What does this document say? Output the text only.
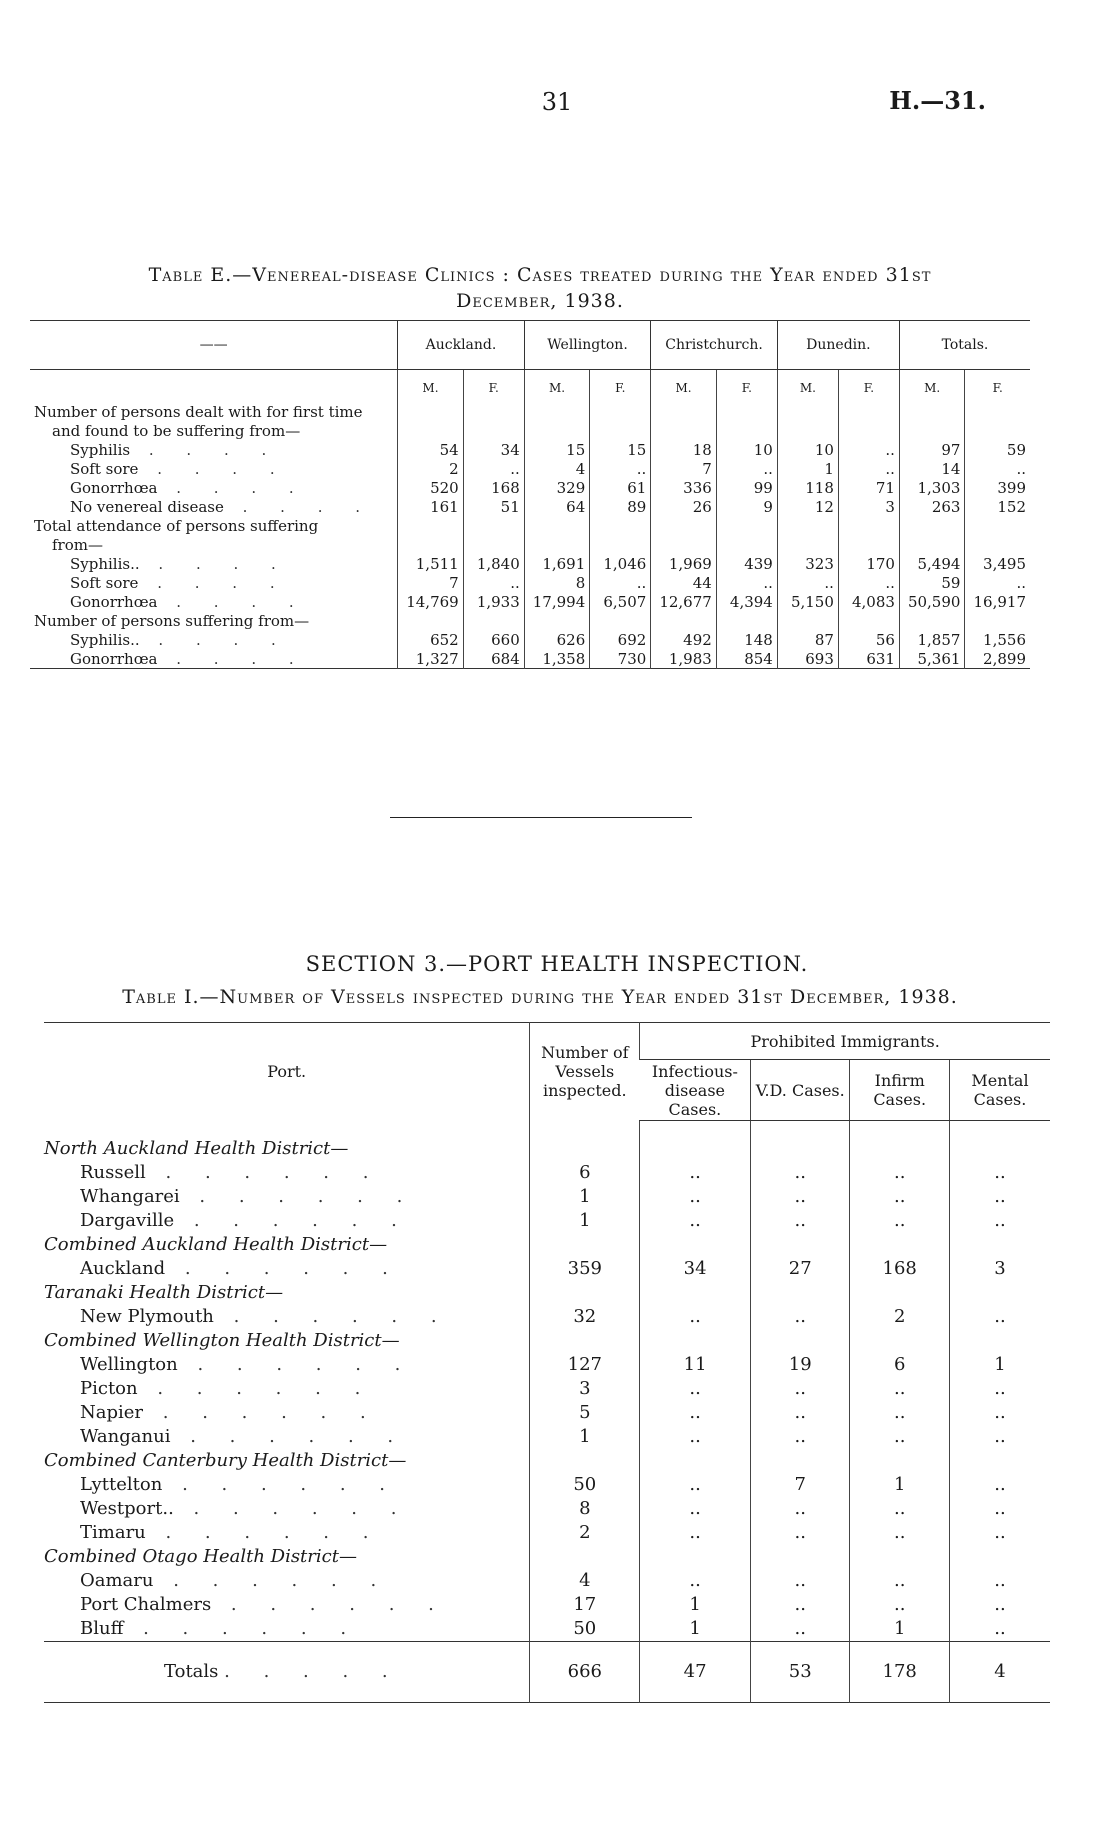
31	H.—31.
Table E.—Venereal-disease Clinics : Cases treated during the Year ended 31st
December, 1938.
——	Auckland.		Wellington.		Christchurch.		Dunedin.		Totals.	
	M.	F.	M.	F.	M.	F.	M.	F.	M.	F.
Number of persons dealt with for first time										
and found to be suffering from—										
Syphilis . . . .	54	34	15	15	18	10	10	..	97	59
Soft sore . . . .	2	..	4	..	7	..	1	..	14	..
Gonorrhœa . . . .	520	168	329	61	336	99	118	71	1,303	399
No venereal disease . . . .	161	51	64	89	26	9	12	3	263	152
Total attendance of persons suffering										
from—										
Syphilis.. . . . .	1,511	1,840	1,691	1,046	1,969	439	323	170	5,494	3,495
Soft sore . . . .	7	..	8	..	44	..	..	..	59	..
Gonorrhœa . . . .	14,769	1,933	17,994	6,507	12,677	4,394	5,150	4,083	50,590	16,917
Number of persons suffering from—										
Syphilis.. . . . .	652	660	626	692	492	148	87	56	1,857	1,556
Gonorrhœa . . . .	1,327	684	1,358	730	1,983	854	693	631	5,361	2,899
SECTION 3.—PORT HEALTH INSPECTION.
Table I.—Number of Vessels inspected during the Year ended 31st December, 1938.
Port.	Number of Vessels inspected.	Prohibited Immigrants.			
		Infectious-disease Cases.	V.D. Cases.	Infirm Cases.	Mental Cases.

North Auckland Health District—					
Russell . . . . . .	6	..	..	..	..
Whangarei . . . . . .	1	..	..	..	..
Dargaville . . . . . .	1	..	..	..	..
Combined Auckland Health District—					
Auckland . . . . . .	359	34	27	168	3
Taranaki Health District—					
New Plymouth . . . . . .	32	..	..	2	..
Combined Wellington Health District—					
Wellington . . . . . .	127	11	19	6	1
Picton . . . . . .	3	..	..	..	..
Napier . . . . . .	5	..	..	..	..
Wanganui . . . . . .	1	..	..	..	..
Combined Canterbury Health District—					
Lyttelton . . . . . .	50	..	7	1	..
Westport.. . . . . . .	8	..	..	..	..
Timaru . . . . . .	2	..	..	..	..
Combined Otago Health District—					
Oamaru . . . . . .	4	..	..	..	..
Port Chalmers . . . . . .	17	1	..	..	..
Bluff . . . . . .	50	1	..	1	..
Totals . . . . .	666	47	53	178	4
